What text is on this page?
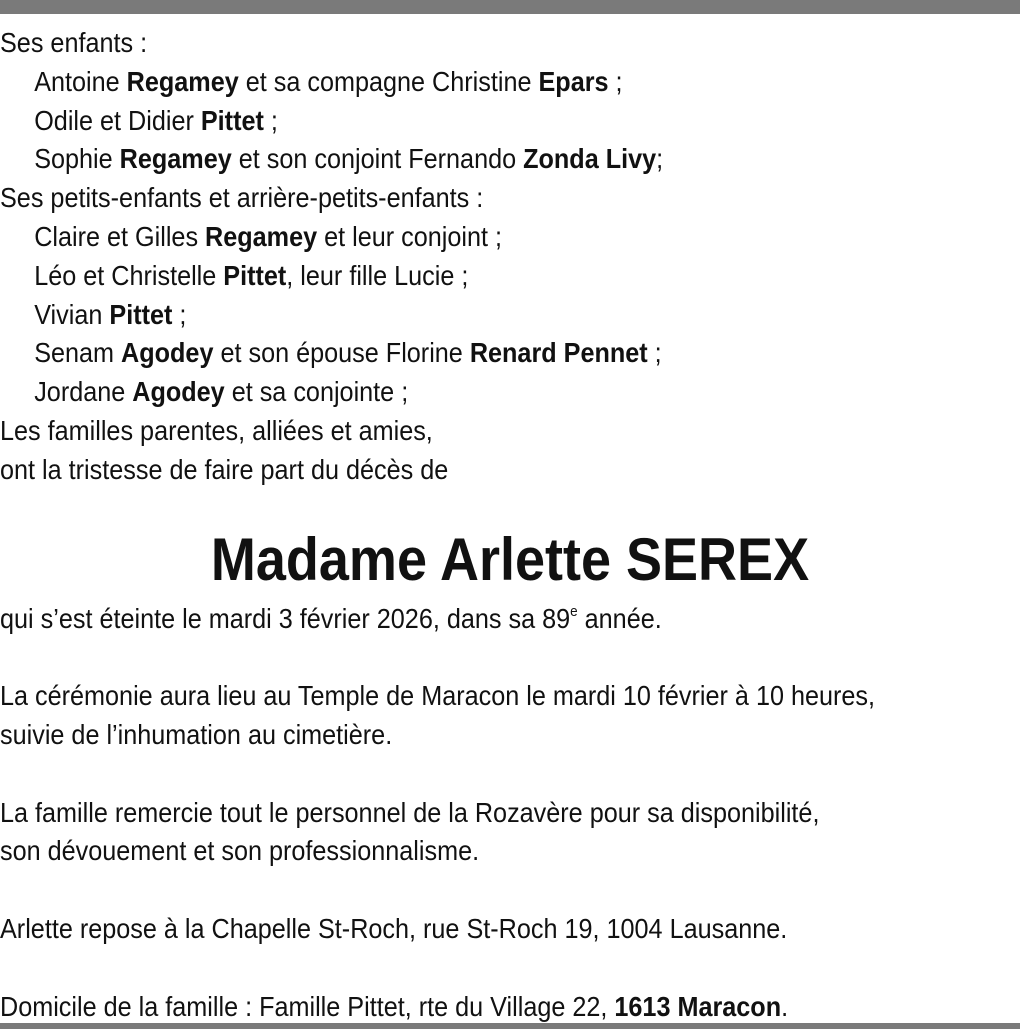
Ses enfants :
Antoine Regamey et sa compagne Christine Epars ;
Odile et Didier Pittet ;
Sophie Regamey et son conjoint Fernando Zonda Livy;
Ses petits-enfants et arrière-petits-enfants :
Claire et Gilles Regamey et leur conjoint ;
Léo et Christelle Pittet, leur fille Lucie ;
Vivian Pittet ;
Senam Agodey et son épouse Florine Renard Pennet ;
Jordane Agodey et sa conjointe ;
Les familles parentes, alliées et amies,
ont la tristesse de faire part du décès de
Madame Arlette SEREX
qui s’est éteinte le mardi 3 février 2026, dans sa 89e année.
La cérémonie aura lieu au Temple de Maracon le mardi 10 février à 10 heures,
suivie de l’inhumation au cimetière.
La famille remercie tout le personnel de la Rozavère pour sa disponibilité,
son dévouement et son professionnalisme.
Arlette repose à la Chapelle St-Roch, rue St-Roch 19, 1004 Lausanne.
Domicile de la famille : Famille Pittet, rte du Village 22, 1613 Maracon.
